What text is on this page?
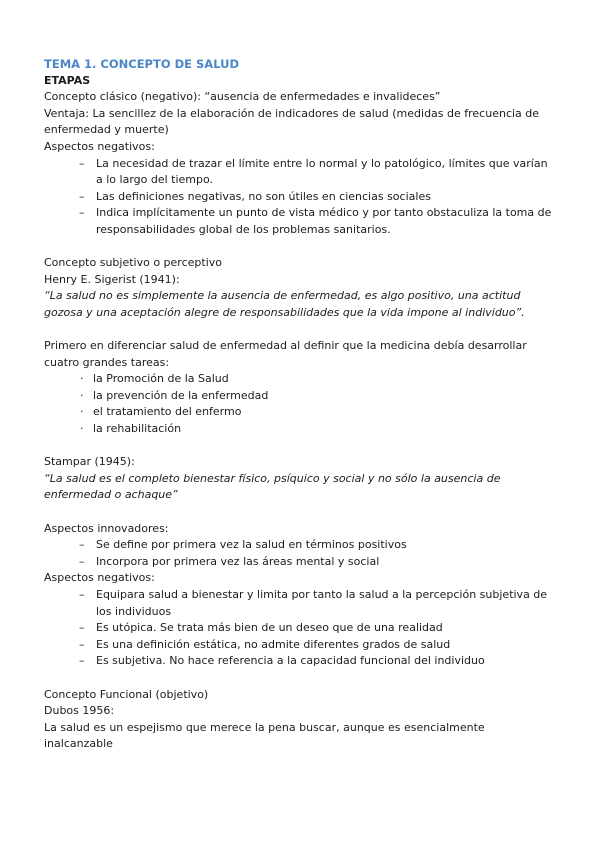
TEMA 1. CONCEPTO DE SALUD

ETAPAS

Concepto clásico (negativo): “ausencia de enfermedades e invalideces”

Ventaja: La sencillez de la elaboración de indicadores de salud (medidas de frecuencia de enfermedad y muerte)

Aspectos negativos:

– La necesidad de trazar el límite entre lo normal y lo patológico, límites que varían a lo largo del tiempo.
– Las definiciones negativas, no son útiles en ciencias sociales
– Indica implícitamente un punto de vista médico y por tanto obstaculiza la toma de responsabilidades global de los problemas sanitarios.

Concepto subjetivo o perceptivo

Henry E. Sigerist (1941):

“La salud no es simplemente la ausencia de enfermedad, es algo positivo, una actitud gozosa y una aceptación alegre de responsabilidades que la vida impone al individuo”.

Primero en diferenciar salud de enfermedad al definir que la medicina debía desarrollar cuatro grandes tareas:

· la Promoción de la Salud
· la prevención de la enfermedad
· el tratamiento del enfermo
· la rehabilitación

Stampar (1945):

“La salud es el completo bienestar físico, psíquico y social y no sólo la ausencia de enfermedad o achaque”

Aspectos innovadores:

– Se define por primera vez la salud en términos positivos
– Incorpora por primera vez las áreas mental y social

Aspectos negativos:

– Equipara salud a bienestar y limita por tanto la salud a la percepción subjetiva de los individuos
– Es utópica. Se trata más bien de un deseo que de una realidad
– Es una definición estática, no admite diferentes grados de salud
– Es subjetiva. No hace referencia a la capacidad funcional del individuo

Concepto Funcional (objetivo)

Dubos 1956:

La salud es un espejismo que merece la pena buscar, aunque es esencialmente inalcanzable
